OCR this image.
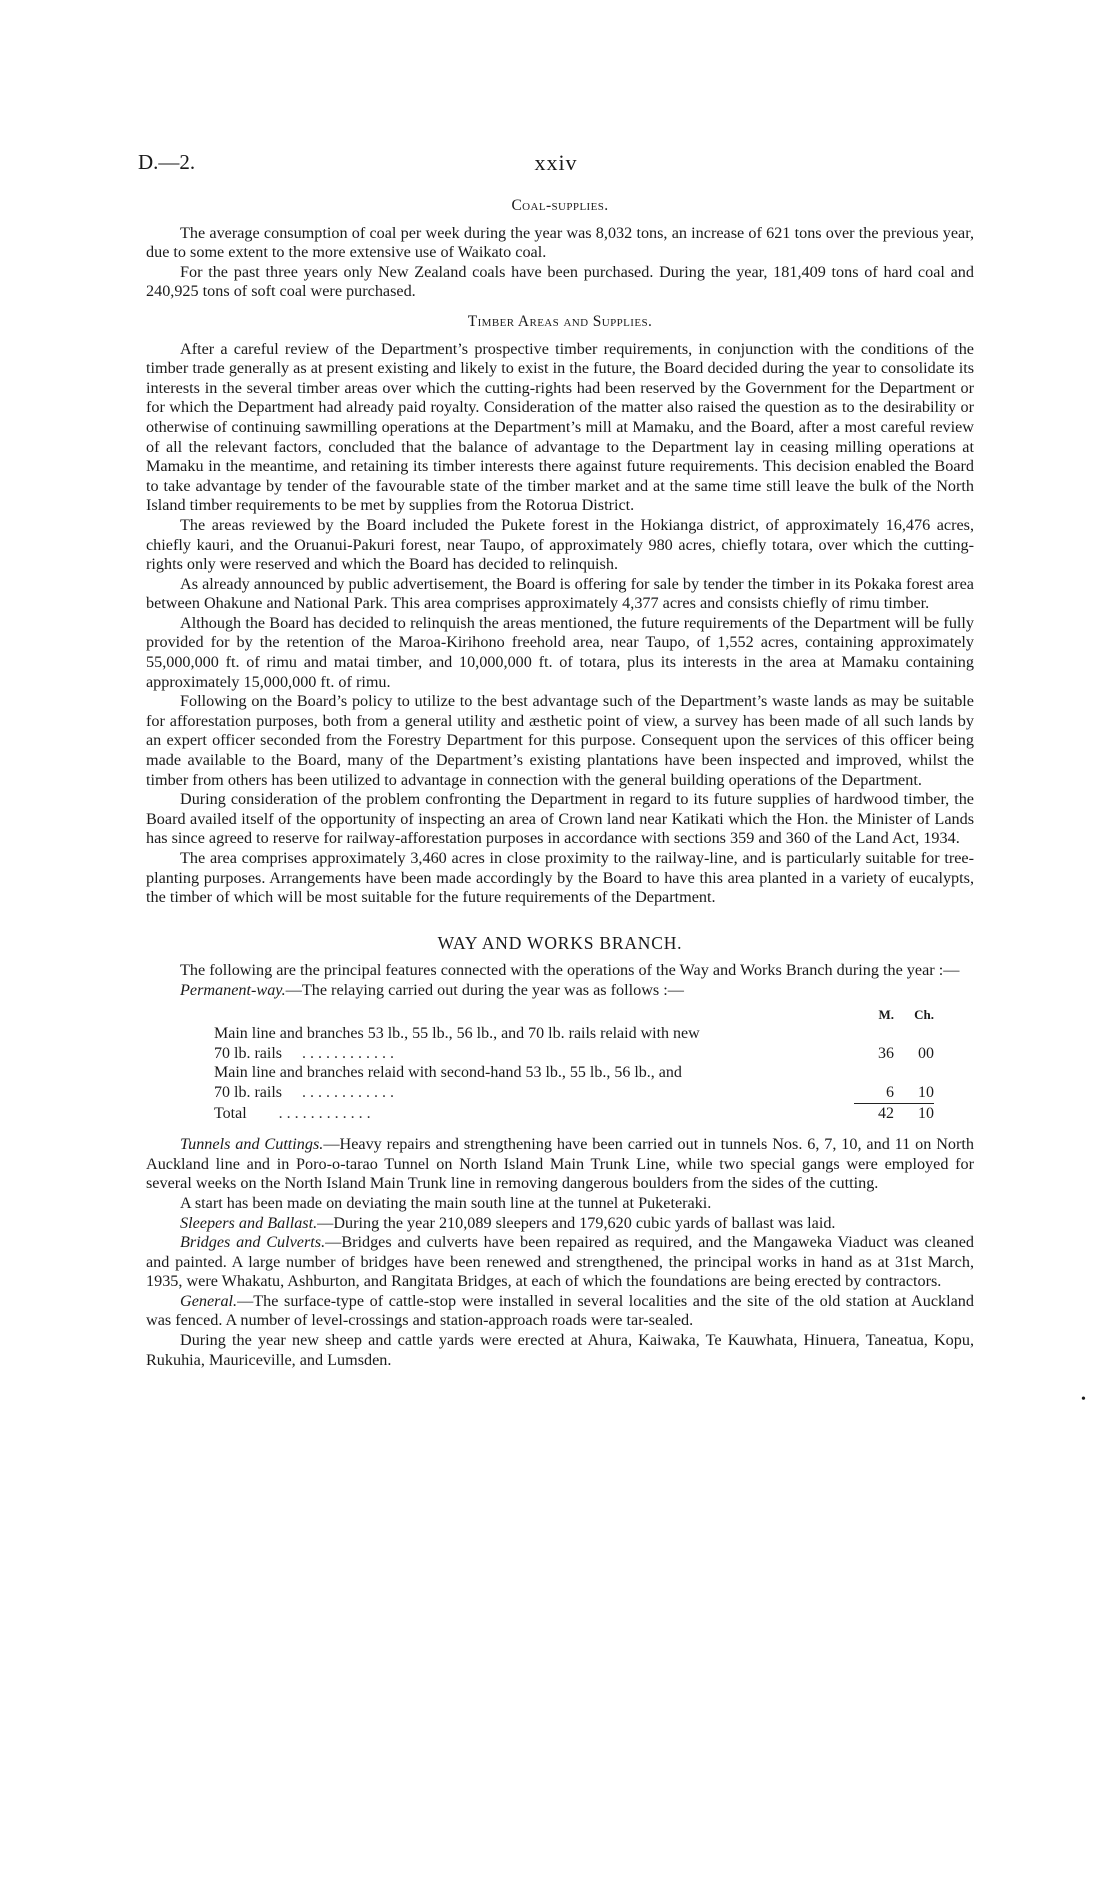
D.—2.	xxiv
Coal-supplies.

The average consumption of coal per week during the year was 8,032 tons, an increase of 621 tons over the previous year, due to some extent to the more extensive use of Waikato coal.

For the past three years only New Zealand coals have been purchased. During the year, 181,409 tons of hard coal and 240,925 tons of soft coal were purchased.

Timber Areas and Supplies.

After a careful review of the Department’s prospective timber requirements, in conjunction with the conditions of the timber trade generally as at present existing and likely to exist in the future, the Board decided during the year to consolidate its interests in the several timber areas over which the cutting-rights had been reserved by the Government for the Department or for which the Department had already paid royalty. Consideration of the matter also raised the question as to the desirability or otherwise of continuing sawmilling operations at the Department’s mill at Mamaku, and the Board, after a most careful review of all the relevant factors, concluded that the balance of advantage to the Department lay in ceasing milling operations at Mamaku in the meantime, and retaining its timber interests there against future requirements. This decision enabled the Board to take advantage by tender of the favourable state of the timber market and at the same time still leave the bulk of the North Island timber requirements to be met by supplies from the Rotorua District.

The areas reviewed by the Board included the Pukete forest in the Hokianga district, of approximately 16,476 acres, chiefly kauri, and the Oruanui-Pakuri forest, near Taupo, of approximately 980 acres, chiefly totara, over which the cutting-rights only were reserved and which the Board has decided to relinquish.

As already announced by public advertisement, the Board is offering for sale by tender the timber in its Pokaka forest area between Ohakune and National Park. This area comprises approximately 4,377 acres and consists chiefly of rimu timber.

Although the Board has decided to relinquish the areas mentioned, the future requirements of the Department will be fully provided for by the retention of the Maroa-Kirihono freehold area, near Taupo, of 1,552 acres, containing approximately 55,000,000 ft. of rimu and matai timber, and 10,000,000 ft. of totara, plus its interests in the area at Mamaku containing approximately 15,000,000 ft. of rimu.

Following on the Board’s policy to utilize to the best advantage such of the Department’s waste lands as may be suitable for afforestation purposes, both from a general utility and æsthetic point of view, a survey has been made of all such lands by an expert officer seconded from the Forestry Department for this purpose. Consequent upon the services of this officer being made available to the Board, many of the Department’s existing plantations have been inspected and improved, whilst the timber from others has been utilized to advantage in connection with the general building operations of the Department.

During consideration of the problem confronting the Department in regard to its future supplies of hardwood timber, the Board availed itself of the opportunity of inspecting an area of Crown land near Katikati which the Hon. the Minister of Lands has since agreed to reserve for railway-afforestation purposes in accordance with sections 359 and 360 of the Land Act, 1934.

The area comprises approximately 3,460 acres in close proximity to the railway-line, and is particularly suitable for tree-planting purposes. Arrangements have been made accordingly by the Board to have this area planted in a variety of eucalypts, the timber of which will be most suitable for the future requirements of the Department.

WAY AND WORKS BRANCH.

The following are the principal features connected with the operations of the Way and Works Branch during the year :—

Permanent-way.—The relaying carried out during the year was as follows :—

	M.	Ch.
Main line and branches 53 lb., 55 lb., 56 lb., and 70 lb. rails relaid with new		
70 lb. rails . . . . . . . . . . . .	36	00
Main line and branches relaid with second-hand 53 lb., 55 lb., 56 lb., and		
70 lb. rails . . . . . . . . . . . .	6	10
Total . . . . . . . . . . . .	42	10

Tunnels and Cuttings.—Heavy repairs and strengthening have been carried out in tunnels Nos. 6, 7, 10, and 11 on North Auckland line and in Poro-o-tarao Tunnel on North Island Main Trunk Line, while two special gangs were employed for several weeks on the North Island Main Trunk line in removing dangerous boulders from the sides of the cutting.

A start has been made on deviating the main south line at the tunnel at Puketeraki.

Sleepers and Ballast.—During the year 210,089 sleepers and 179,620 cubic yards of ballast was laid.

Bridges and Culverts.—Bridges and culverts have been repaired as required, and the Mangaweka Viaduct was cleaned and painted. A large number of bridges have been renewed and strengthened, the principal works in hand as at 31st March, 1935, were Whakatu, Ashburton, and Rangitata Bridges, at each of which the foundations are being erected by contractors.

General.—The surface-type of cattle-stop were installed in several localities and the site of the old station at Auckland was fenced. A number of level-crossings and station-approach roads were tar-sealed.

During the year new sheep and cattle yards were erected at Ahura, Kaiwaka, Te Kauwhata, Hinuera, Taneatua, Kopu, Rukuhia, Mauriceville, and Lumsden.

•
